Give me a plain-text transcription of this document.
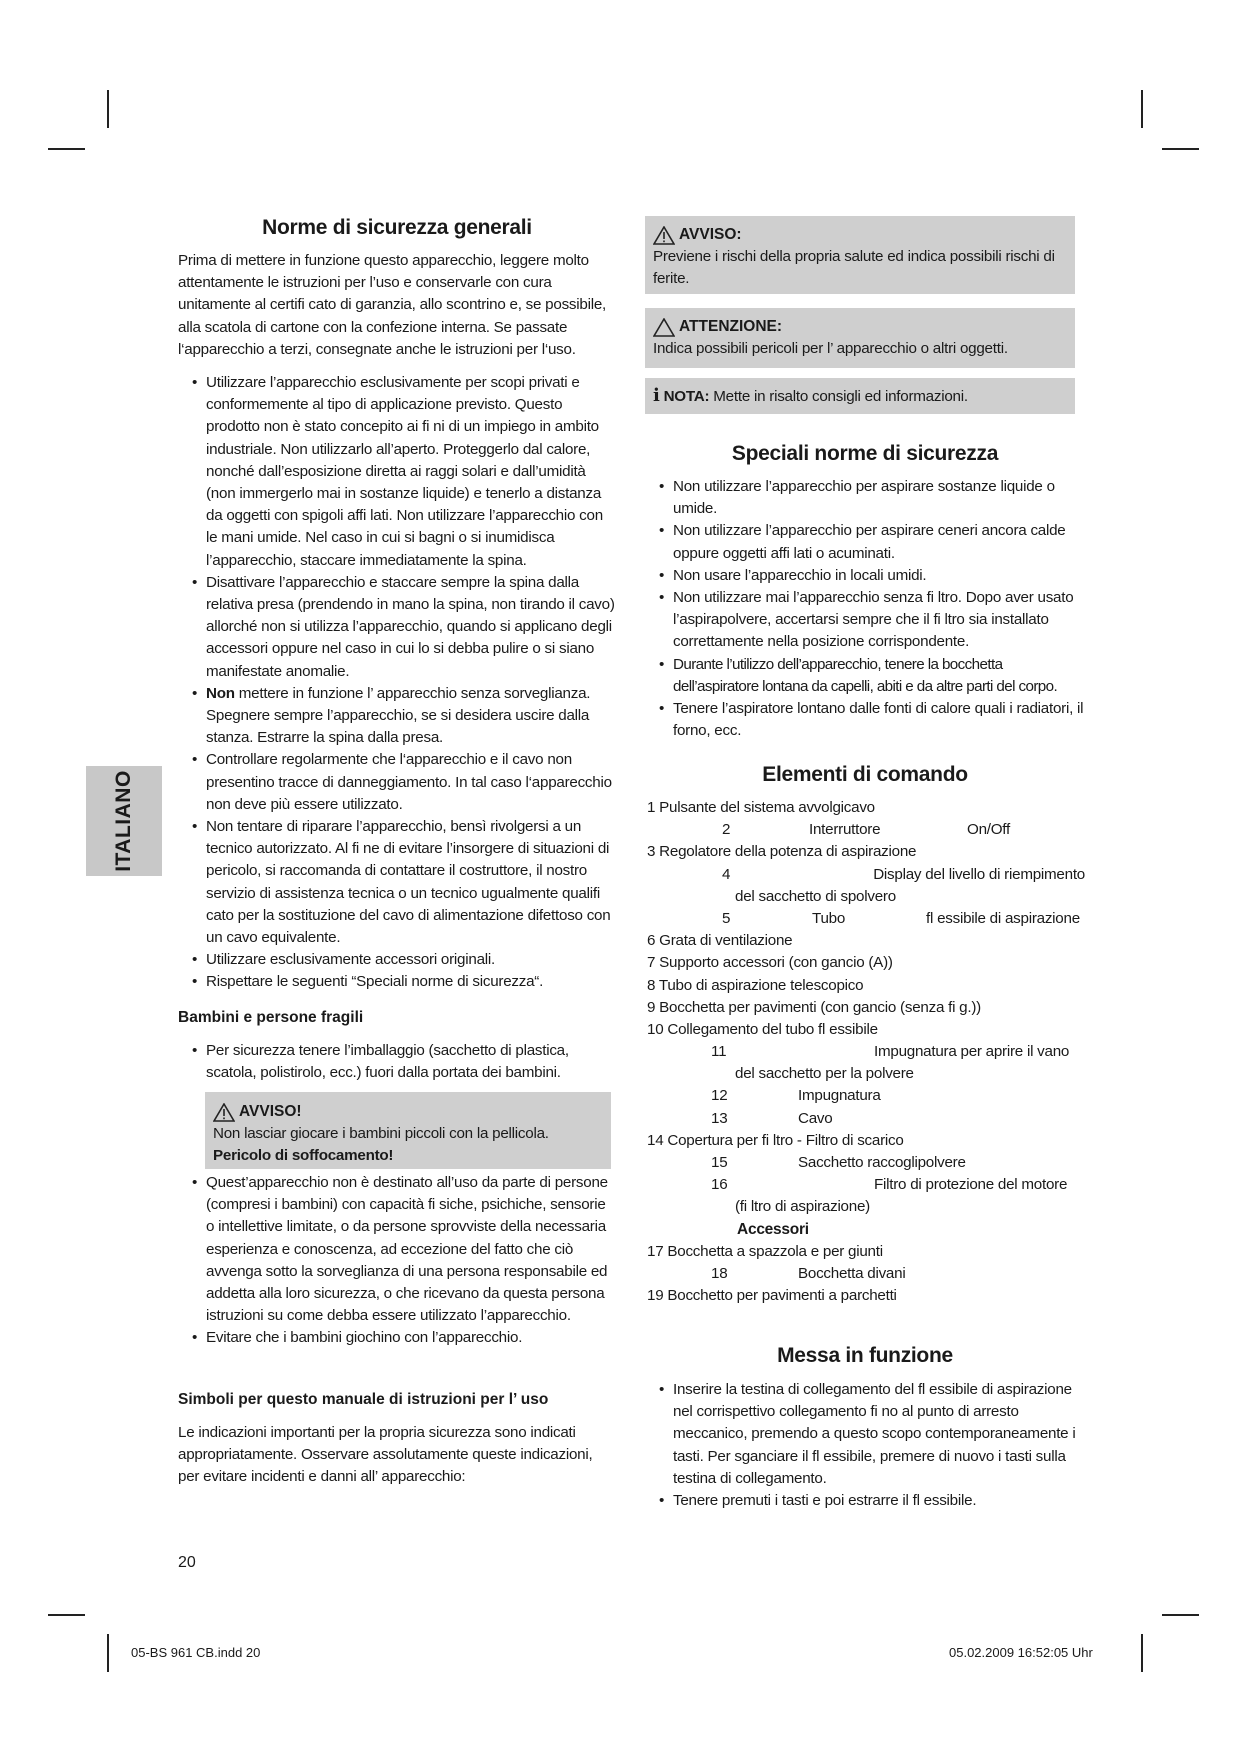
ITALIANO
Norme di sicurezza generali

Prima di mettere in funzione questo apparecchio, leggere molto attentamente le istruzioni per l’uso e conservarle con cura unitamente al certifi cato di garanzia, allo scontrino e, se possibile, alla scatola di cartone con la confezione interna. Se passate l‘apparecchio a terzi, consegnate anche le istruzioni per l‘uso.

• Utilizzare l’apparecchio esclusivamente per scopi privati e conformemente al tipo di applicazione previsto. Questo prodotto non è stato concepito ai fi ni di un impiego in ambito industriale. Non utilizzarlo all’aperto. Proteggerlo dal calore, nonché dall’esposizione diretta ai raggi solari e dall’umidità (non immergerlo mai in sostanze liquide) e tenerlo a distanza da oggetti con spigoli affi lati. Non utilizzare l’apparecchio con le mani umide. Nel caso in cui si bagni o si inumidisca l’apparecchio, staccare immediatamente la spina.
• Disattivare l’apparecchio e staccare sempre la spina dalla relativa presa (prendendo in mano la spina, non tirando il cavo) allorché non si utilizza l’apparecchio, quando si applicano degli accessori oppure nel caso in cui lo si debba pulire o si siano manifestate anomalie.
• Non mettere in funzione l’ apparecchio senza sorveglianza. Spegnere sempre l’apparecchio, se si desidera uscire dalla stanza. Estrarre la spina dalla presa.
• Controllare regolarmente che l‘apparecchio e il cavo non presentino tracce di danneggiamento. In tal caso l‘apparecchio non deve più essere utilizzato.
• Non tentare di riparare l’apparecchio, bensì rivolgersi a un tecnico autorizzato. Al fi ne di evitare l’insorgere di situazioni di pericolo, si raccomanda di contattare il costruttore, il nostro servizio di assistenza tecnica o un tecnico ugualmente qualifi cato per la sostituzione del cavo di alimentazione difettoso con un cavo equivalente.
• Utilizzare esclusivamente accessori originali.
• Rispettare le seguenti “Speciali norme di sicurezza“.
Bambini e persone fragili
• Per sicurezza tenere l’imballaggio (sacchetto di plastica, scatola, polistirolo, ecc.) fuori dalla portata dei bambini.
AVVISO!

Non lasciar giocare i bambini piccoli con la pellicola.

Pericolo di soffocamento!

• Quest’apparecchio non è destinato all’uso da parte di persone (compresi i bambini) con capacità fi siche, psichiche, sensorie o intellettive limitate, o da persone sprovviste della necessaria esperienza e conoscenza, ad eccezione del fatto che ciò avvenga sotto la sorveglianza di una persona responsabile ed addetta alla loro sicurezza, o che ricevano da questa persona istruzioni su come debba essere utilizzato l’apparecchio.
• Evitare che i bambini giochino con l’apparecchio.
Simboli per questo manuale di istruzioni per l’ uso

Le indicazioni importanti per la propria sicurezza sono indicati appropriatamente. Osservare assolutamente queste indicazioni, per evitare incidenti e danni all’ apparecchio:

AVVISO:

Previene i rischi della propria salute ed indica possibili rischi di ferite.

ATTENZIONE:

Indica possibili pericoli per l’ apparecchio o altri oggetti.

i NOTA: Mette in risalto consigli ed informazioni.

Speciali norme di sicurezza
• Non utilizzare l’apparecchio per aspirare sostanze liquide o umide.
• Non utilizzare l’apparecchio per aspirare ceneri ancora calde oppure oggetti affi lati o acuminati.
• Non usare l’apparecchio in locali umidi.
• Non utilizzare mai l’apparecchio senza fi ltro. Dopo aver usato l’aspirapolvere, accertarsi sempre che il fi ltro sia installato correttamente nella posizione corrispondente.
• Durante l’utilizzo dell’apparecchio, tenere la bocchetta dell’aspiratore lontana da capelli, abiti e da altre parti del corpo.
• Tenere l’aspiratore lontano dalle fonti di calore quali i radiatori, il forno, ecc.
Elementi di comando
1 Pulsante del sistema avvolgicavo
2	Interruttore	On/Off
3 Regolatore della potenza di aspirazione
4	Display del livello di riempimento
del sacchetto di spolvero
5	Tubo	fl essibile di aspirazione
6 Grata di ventilazione
7 Supporto accessori (con gancio (A))
8 Tubo di aspirazione telescopico
9 Bocchetta per pavimenti (con gancio (senza fi g.))
10 Collegamento del tubo fl essibile
11	Impugnatura per aprire il vano
del sacchetto per la polvere
12	Impugnatura
13	Cavo
14 Copertura per fi ltro - Filtro di scarico
15	Sacchetto raccoglipolvere
16	Filtro di protezione del motore
(fi ltro di aspirazione)
Accessori
17 Bocchetta a spazzola e per giunti
18	Bocchetta divani
19 Bocchetto per pavimenti a parchetti
Messa in funzione
• Inserire la testina di collegamento del fl essibile di aspirazione nel corrispettivo collegamento fi no al punto di arresto meccanico, premendo a questo scopo contemporaneamente i tasti. Per sganciare il fl essibile, premere di nuovo i tasti sulla testina di collegamento.
• Tenere premuti i tasti e poi estrarre il fl essibile.
20
05-BS 961 CB.indd 20	05.02.2009 16:52:05 Uhr
